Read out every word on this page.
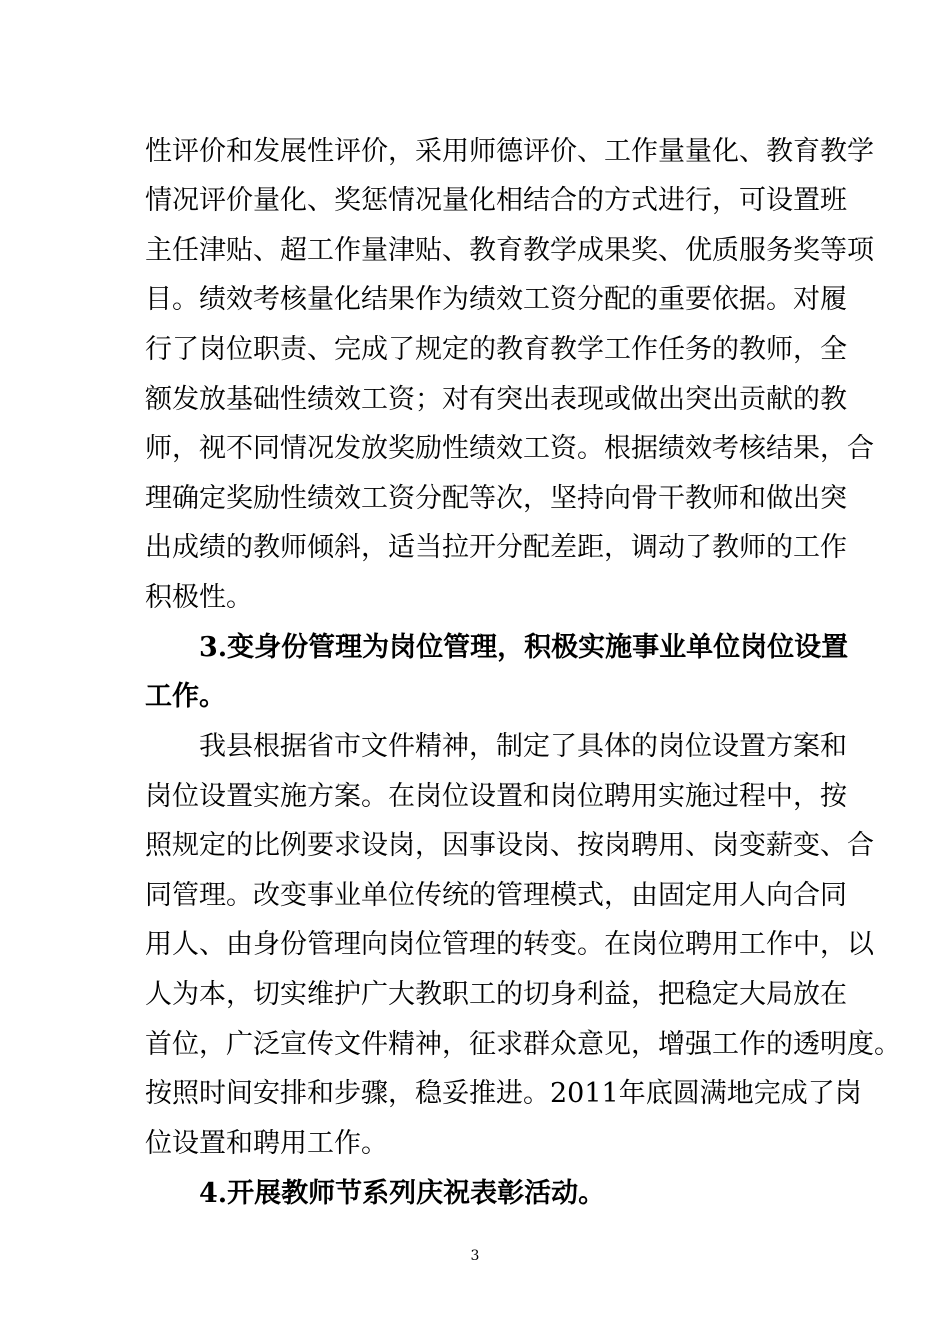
性评价和发展性评价，采用师德评价、工作量量化、教育教学
情况评价量化、奖惩情况量化相结合的方式进行，可设置班
主任津贴、超工作量津贴、教育教学成果奖、优质服务奖等项
目。绩效考核量化结果作为绩效工资分配的重要依据。对履
行了岗位职责、完成了规定的教育教学工作任务的教师，全
额发放基础性绩效工资；对有突出表现或做出突出贡献的教
师，视不同情况发放奖励性绩效工资。根据绩效考核结果，合
理确定奖励性绩效工资分配等次，坚持向骨干教师和做出突
出成绩的教师倾斜，适当拉开分配差距，调动了教师的工作
积极性。
3.变身份管理为岗位管理，积极实施事业单位岗位设置
工作。
我县根据省市文件精神，制定了具体的岗位设置方案和
岗位设置实施方案。在岗位设置和岗位聘用实施过程中，按
照规定的比例要求设岗，因事设岗、按岗聘用、岗变薪变、合
同管理。改变事业单位传统的管理模式，由固定用人向合同
用人、由身份管理向岗位管理的转变。在岗位聘用工作中，以
人为本，切实维护广大教职工的切身利益，把稳定大局放在
首位，广泛宣传文件精神，征求群众意见，增强工作的透明度。
按照时间安排和步骤，稳妥推进。2011年底圆满地完成了岗
位设置和聘用工作。
4.开展教师节系列庆祝表彰活动。
3
